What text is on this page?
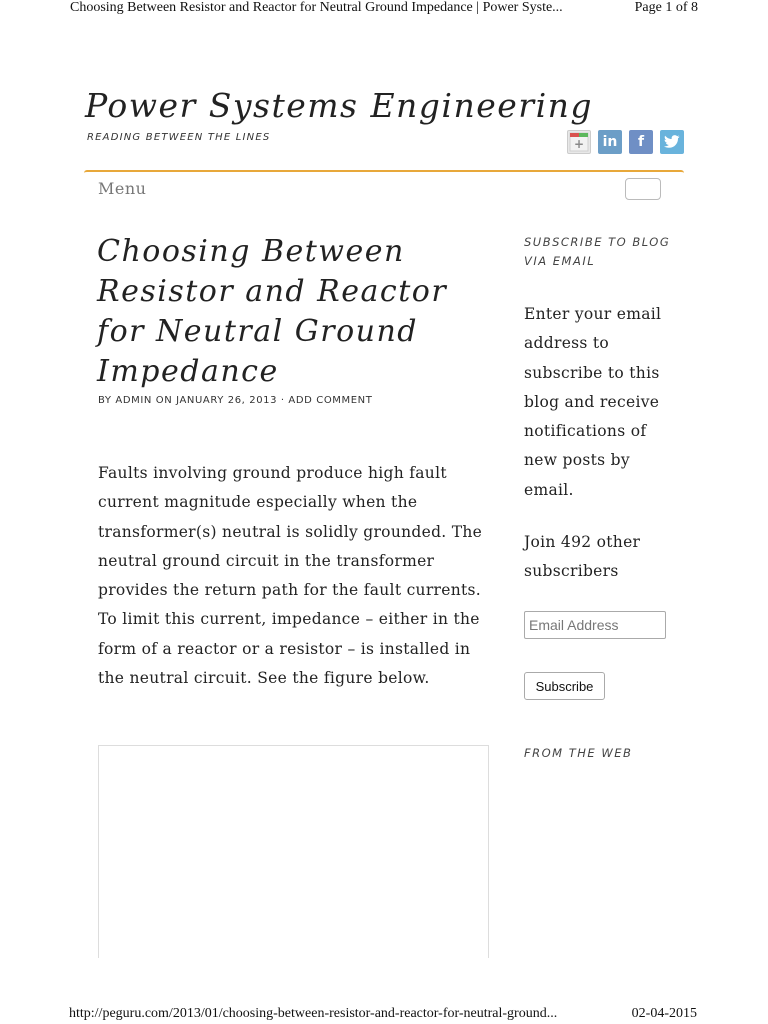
Choosing Between Resistor and Reactor for Neutral Ground Impedance | Power Syste...	Page 1 of 8
Power Systems Engineering
READING BETWEEN THE LINES	+ in f
Menu
Choosing Between Resistor and Reactor for Neutral Ground Impedance
BY ADMIN ON JANUARY 26, 2013 · ADD COMMENT

Faults involving ground produce high fault current magnitude especially when the transformer(s) neutral is solidly grounded. The neutral ground circuit in the transformer provides the return path for the fault currents. To limit this current, impedance – either in the form of a reactor or a resistor – is installed in the neutral circuit. See the figure below.

SUBSCRIBE TO BLOG VIA EMAIL

Enter your email address to subscribe to this blog and receive notifications of new posts by email.

Join 492 other subscribers

Email Address
Subscribe
FROM THE WEB
http://peguru.com/2013/01/choosing-between-resistor-and-reactor-for-neutral-ground...	02-04-2015
